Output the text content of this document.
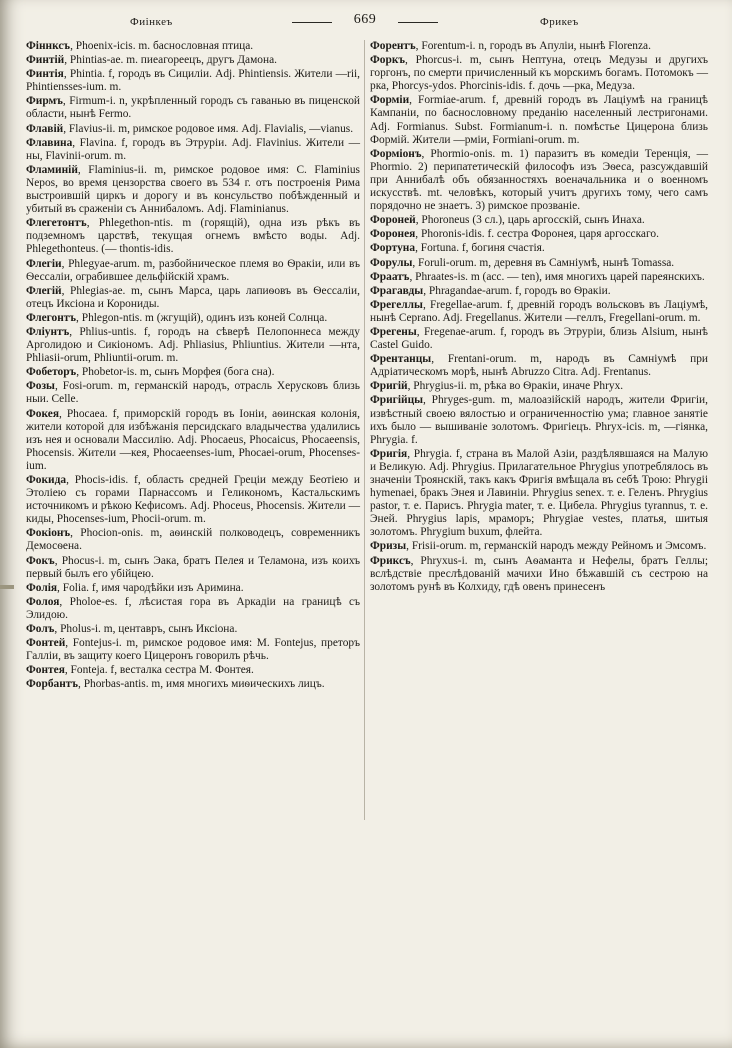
Фиінкеъ	669	Фрикеъ

Фіннксъ, Phoenix-icis. m. баснословная птица.

Финтій, Phintias-ae. m. пиеагореецъ, другъ Дамона.

Финтія, Phintia. f, городъ въ Сициліи. Adj. Phintiensis. Жители —rii, Phintiensses-ium. m.

Фирмъ, Firmum-i. n, укрѣпленный городъ съ гаванью въ пиценской области, нынѣ Fermo.

Флавій, Flavius-ii. m, римское родовое имя. Adj. Flavialis, —vianus.

Флавина, Flavina. f, городъ въ Этруріи. Adj. Flavinius. Жители —ны, Flavinii-orum. m.

Фламиній, Flaminius-ii. m, римское родовое имя: C. Flaminius Nepos, во время цензорства своего въ 534 г. отъ построенія Рима выстроившій циркъ и дорогу и въ консульство побѣжденный и убитый въ сраженіи съ Аннибаломъ. Adj. Flaminianus.

Флегетонтъ, Phlegethon-ntis. m (горящій), одна изъ рѣкъ въ подземномъ царствѣ, текущая огнемъ вмѣсто воды. Adj. Phlegethonteus. (— thontis-idis.

Флегіи, Phlegyae-arum. m, разбойническое племя во Ѳракіи, или въ Ѳессаліи, ограбившее дельфійскій храмъ.

Флегій, Phlegias-ae. m, сынъ Марса, царь лапиѳовъ въ Ѳессаліи, отецъ Иксіона и Корониды.

Флегонтъ, Phlegon-ntis. m (жгущій), одинъ изъ коней Солнца.

Фліунтъ, Phlius-untis. f, городъ на сѣверѣ Пелопоннеса между Арголидою и Сикіономъ. Adj. Phliasius, Phliuntius. Жители —нта, Phliasii-orum, Phliuntii-orum. m.

Фобеторъ, Phobetor-is. m, сынъ Морфея (бога сна).

Фозы, Fosi-orum. m, германскій народъ, отрасль Херусковъ близь ныи. Celle.

Фокея, Phocaea. f, приморскій городъ въ Іоніи, аѳинская колонія, жители которой для избѣжанія персидскаго владычества удалились изъ нея и основали Массилію. Adj. Phocaeus, Phocaicus, Phocaeensis, Phocensis. Жители —кея, Phocaeenses-ium, Phocaei-orum, Phocenses-ium.

Фокида, Phocis-idis. f, область средней Греціи между Беотіею и Этоліею съ горами Парнассомъ и Геликономъ, Кастальскимъ источникомъ и рѣкою Кефисомъ. Adj. Phoceus, Phocensis. Жители —киды, Phocenses-ium, Phocii-orum. m.

Фокіонъ, Phocion-onis. m, аѳинскій полководецъ, современникъ Демосѳена.

Фокъ, Phocus-i. m, сынъ Эака, братъ Пелея и Теламона, изъ коихъ первый былъ его убійцею.

Фолія, Folia. f, имя чародѣйки изъ Аримина.

Фолоя, Pholoe-es. f, лѣсистая гора въ Аркадіи на границѣ съ Элидою.

Фолъ, Pholus-i. m, центавръ, сынъ Иксіона.

Фонтей, Fontejus-i. m, римское родовое имя: M. Fontejus, преторъ Галліи, въ защиту коего Цицеронъ говорилъ рѣчь.

Фонтея, Fonteja. f, весталка сестра M. Фонтея.

Форбантъ, Phorbas-antis. m, имя многихъ миѳическихъ лицъ.

Форентъ, Forentum-i. n, городъ въ Апуліи, нынѣ Florenza.

Форкъ, Phorcus-i. m, сынъ Нептуна, отецъ Медузы и другихъ горгонъ, по смерти причисленный къ морскимъ богамъ. Потомокъ —рка, Phorcys-ydos. Phorcinis-idis. f. дочь —рка, Медуза.

Форміи, Formiae-arum. f, древній городъ въ Лаціумѣ на границѣ Кампаніи, по баснословному преданію населенный лестригонами. Adj. Formianus. Subst. Formianum-i. n. помѣстье Цицерона близь Формій. Жители —рміи, Formiani-orum. m.

Форміонъ, Phormio-onis. m. 1) паразитъ въ комедіи Теренція, — Phormio. 2) перипатетическій философъ изъ Эѳеса, разсуждавшій при Аннибалѣ объ обязанностяхъ военачальника и о военномъ искусствѣ. mt. человѣкъ, который учитъ другихъ тому, чего самъ порядочно не знаетъ. 3) римское прозваніе.

Фороней, Phoroneus (3 сл.), царь аргосскій, сынъ Инаха.

Форонея, Phoronis-idis. f. сестра Форонея, царя аргосскаго.

Фортуна, Fortuna. f, богиня счастія.

Форулы, Foruli-orum. m, деревня въ Самніумѣ, нынѣ Tomassa.

Фраатъ, Phraates-is. m (acc. — ten), имя многихъ царей пареянскихъ.

Фрагавды, Phragandae-arum. f, городъ во Ѳракіи.

Фрегеллы, Fregellae-arum. f, древній городъ вольсковъ въ Лаціумѣ, нынѣ Ceprano. Adj. Fregellanus. Жители —геллъ, Fregellani-orum. m.

Фрегены, Fregenae-arum. f, городъ въ Этруріи, близь Alsium, нынѣ Castel Guido.

Френтанцы, Frentani-orum. m, народъ въ Самніумѣ при Адріатическомъ морѣ, нынѣ Abruzzo Citra. Adj. Frentanus.

Фригій, Phrygius-ii. m, рѣка во Ѳракіи, иначе Phryx.

Фригійцы, Phryges-gum. m, малоазійскій народъ, жители Фригіи, извѣстный своею вялостью и ограниченностію ума; главное занятіе ихъ было — вышиваніе золотомъ. Фригіецъ. Phryx-icis. m, —гіянка, Phrygia. f.

Фригія, Phrygia. f, страна въ Малой Азіи, раздѣлявшаяся на Малую и Великую. Adj. Phrygius. Прилагательное Phrygius употреблялось въ значеніи Троянскій, такъ какъ Фригія вмѣщала въ себѣ Трою: Phrygii hymenaei, бракъ Энея и Лавиніи. Phrygius senex. т. е. Геленъ. Phrygius pastor, т. е. Парисъ. Phrygia mater, т. е. Цибела. Phrygius tyrannus, т. е. Эней. Phrygius lapis, мраморъ; Phrygiae vestes, платья, шитыя золотомъ. Phrygium buxum, флейта.

Фризы, Frisii-orum. m, германскій народъ между Рейномъ и Эмсомъ.

Фриксъ, Phryxus-i. m, сынъ Аѳаманта и Нефелы, братъ Геллы; вслѣдствіе преслѣдованій мачихи Ино бѣжавшій съ сестрою на золотомъ рунѣ въ Колхиду, гдѣ овенъ принесенъ
